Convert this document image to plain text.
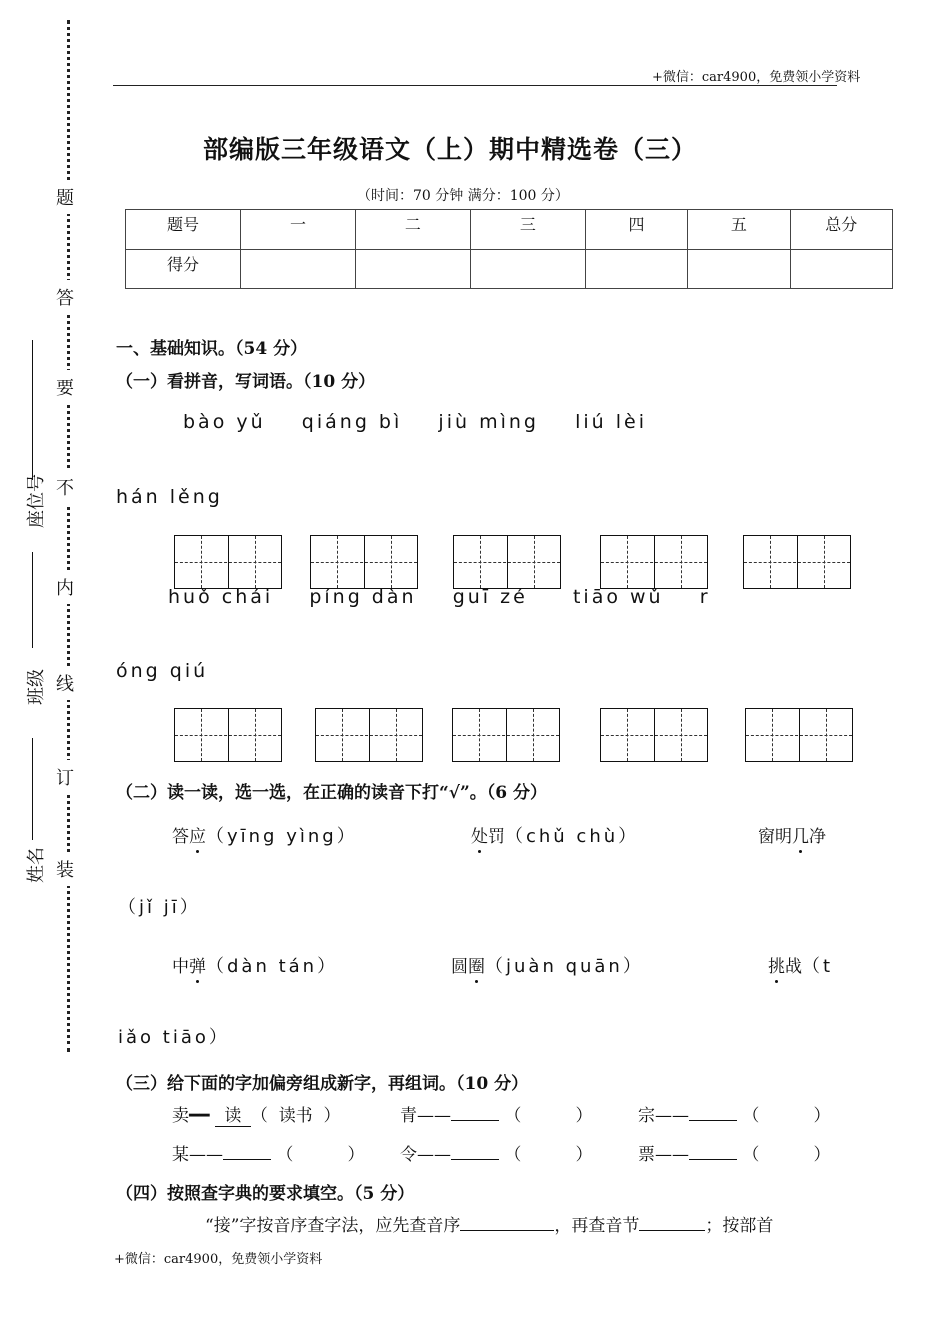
+微信：car4900，免费领小学资料
题
答
要
不
内
线
订
装
座位号
班级
姓名
部编版三年级语文（上）期中精选卷（三）
（时间：70 分钟 满分：100 分）
题号	一	二	三	四	五	总分
得分						
一、基础知识。（54 分）
（一）看拼音，写词语。（10 分）
bào yǔ    qiáng bì    jiù mìng    liú lèi
hán lěng
huǒ chái    píng dàn    guī zé     tiāo wǔ    r
óng qiú
（二）读一读，选一选，在正确的读音下打“√”。（6 分）
答应（yīng yìng）	处罚（chǔ chù）	窗明几净
（jǐ jī）
中弹（dàn tán）	圆圈（juàn quān）	挑战（t
iǎo tiāo）
（三）给下面的字加偏旁组成新字，再组词。（10 分）
卖━━ 读 （  读书  ）	青——	（          ）	宗——	（          ）
某——	（          ） 令——	（          ）	票——	（          ）
（四）按照查字典的要求填空。（5 分）
“接”字按音序查字法，应先查音序	，再查音节	；按部首
+微信：car4900，免费领小学资料
